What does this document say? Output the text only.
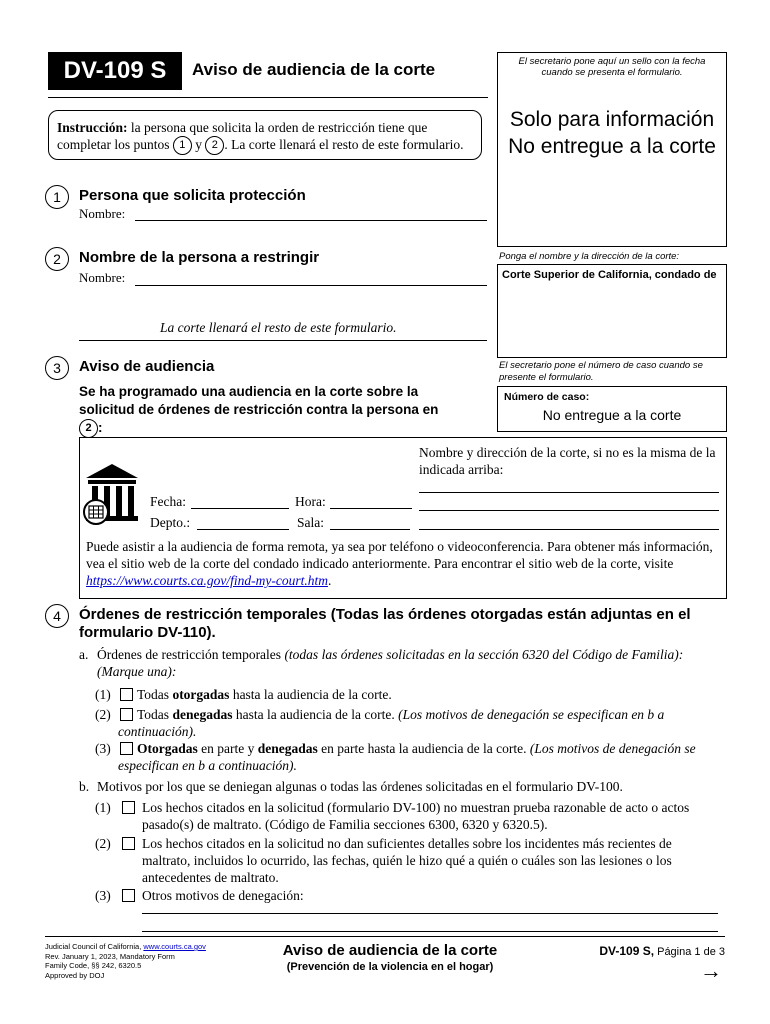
DV-109 S	Aviso de audiencia de la corte
Instrucción: la persona que solicita la orden de restricción tiene que completar los puntos 1 y 2 . La corte llenará el resto de este formulario.
El secretario pone aquí un sello con la fecha cuando se presenta el formulario.
Solo para información No entregue a la corte
Ponga el nombre y la dirección de la corte:
Corte Superior de California, condado de
El secretario pone el número de caso cuando se presente el formulario.
Número de caso:
No entregue a la corte
1	Persona que solicita protección
Nombre:
2	Nombre de la persona a restringir
Nombre:
La corte llenará el resto de este formulario.
3	Aviso de audiencia
Se ha programado una audiencia en la corte sobre la solicitud de órdenes de restricción contra la persona en 2 :
Fecha:	Hora:
Depto.:	Sala:
Nombre y dirección de la corte, si no es la misma de la indicada arriba:
Puede asistir a la audiencia de forma remota, ya sea por teléfono o videoconferencia. Para obtener más información, vea el sitio web de la corte del condado indicado anteriormente. Para encontrar el sitio web de la corte, visite https://www.courts.ca.gov/find-my-court.htm.
4	Órdenes de restricción temporales (Todas las órdenes otorgadas están adjuntas en el formulario DV-110).
a. Órdenes de restricción temporales (todas las órdenes solicitadas en la sección 6320 del Código de Familia): (Marque una):
(1)	Todas otorgadas hasta la audiencia de la corte.
(2)	Todas denegadas hasta la audiencia de la corte. (Los motivos de denegación se especifican en b a continuación).
(3)	Otorgadas en parte y denegadas en parte hasta la audiencia de la corte. (Los motivos de denegación se especifican en b a continuación).
b. Motivos por los que se deniegan algunas o todas las órdenes solicitadas en el formulario DV-100.
(1) Los hechos citados en la solicitud (formulario DV-100) no muestran prueba razonable de acto o actos pasado(s) de maltrato. (Código de Familia secciones 6300, 6320 y 6320.5).
(2) Los hechos citados en la solicitud no dan suficientes detalles sobre los incidentes más recientes de maltrato, incluidos lo ocurrido, las fechas, quién le hizo qué a quién o cuáles son las lesiones o los antecedentes de maltrato.
(3) Otros motivos de denegación:
Judicial Council of California, www.courts.ca.gov
Rev. January 1, 2023, Mandatory Form
Family Code, §§ 242, 6320.5
Approved by DOJ
Aviso de audiencia de la corte
(Prevención de la violencia en el hogar)
DV-109 S, Página 1 de 3
→
